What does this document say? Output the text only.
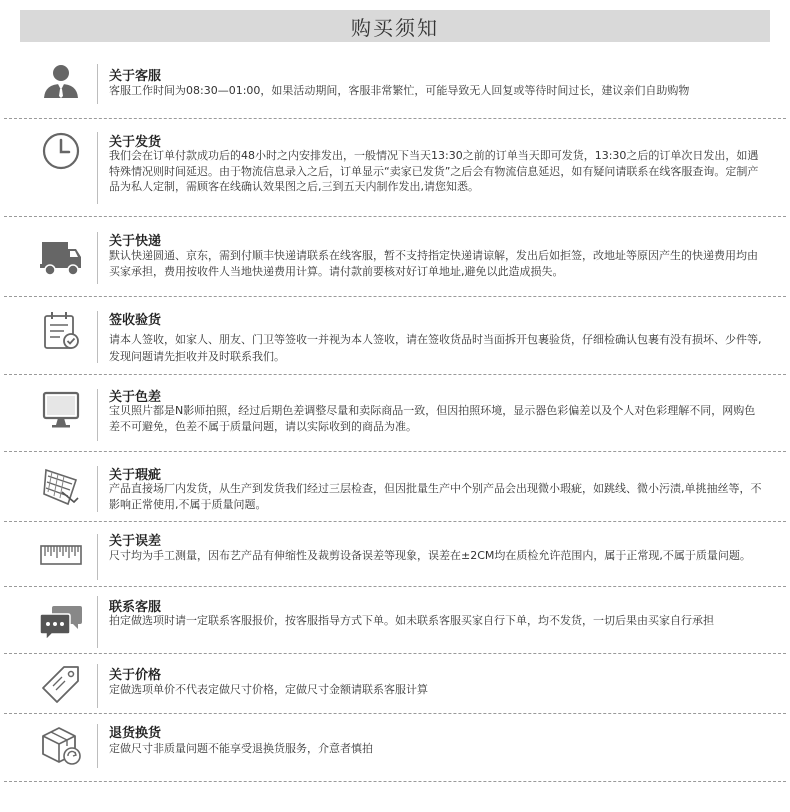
购买须知
关于客服
客服工作时间为08:30—01:00，如果活动期间，客服非常繁忙，可能导致无人回复或等待时间过长，建议亲们自助购物
关于发货
我们会在订单付款成功后的48小时之内安排发出，一般情况下当天13:30之前的订单当天即可发货，13:30之后的订单次日发出，如遇特殊情况则时间延迟。由于物流信息录入之后，订单显示“卖家已发货”之后会有物流信息延迟，如有疑问请联系在线客服查询。定制产品为私人定制，需顾客在线确认效果图之后,三到五天内制作发出,请您知悉。
关于快递
默认快递圆通、京东，需到付顺丰快递请联系在线客服，暂不支持指定快递请谅解，发出后如拒签，改地址等原因产生的快递费用均由买家承担，费用按收件人当地快递费用计算。请付款前要核对好订单地址,避免以此造成损失。
签收验货
请本人签收，如家人、朋友、门卫等签收一并视为本人签收，请在签收货品时当面拆开包裹验货，仔细检确认包裹有没有损坏、少件等,发现问题请先拒收并及时联系我们。
关于色差
宝贝照片都是N影师拍照，经过后期色差调整尽量和卖际商品一致，但因拍照环境，显示器色彩偏差以及个人对色彩理解不同，网购色差不可避免，色差不属于质量问题，请以实际收到的商品为准。
关于瑕疵
产品直接场厂内发货，从生产到发货我们经过三层检查，但因批量生产中个别产品会出现微小瑕疵，如跳线、微小污渍,单挑抽丝等，不影响正常使用,不属于质量问题。
关于误差
尺寸均为手工测量，因布艺产品有伸缩性及裁剪设备误差等现象，误差在±2CM均在质检允许范围内，属于正常现,不属于质量问题。
联系客服
拍定做选项时请一定联系客服报价，按客服指导方式下单。如未联系客服买家自行下单，均不发货，一切后果由买家自行承担
关于价格
定做选项单价不代表定做尺寸价格，定做尺寸金额请联系客服计算
退货换货
定做尺寸非质量问题不能享受退换货服务，介意者慎拍
